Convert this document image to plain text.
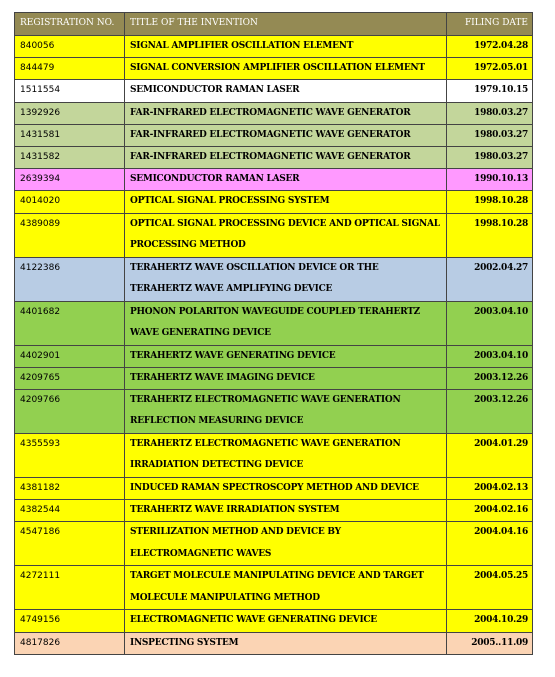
REGISTRATION NO.	TITLE OF THE INVENTION	FILING DATE
840056	SIGNAL AMPLIFIER OSCILLATION ELEMENT	1972.04.28
844479	SIGNAL CONVERSION AMPLIFIER OSCILLATION ELEMENT	1972.05.01
1511554	SEMICONDUCTOR RAMAN LASER	1979.10.15
1392926	FAR-INFRARED ELECTROMAGNETIC WAVE GENERATOR	1980.03.27
1431581	FAR-INFRARED ELECTROMAGNETIC WAVE GENERATOR	1980.03.27
1431582	FAR-INFRARED ELECTROMAGNETIC WAVE GENERATOR	1980.03.27
2639394	SEMICONDUCTOR RAMAN LASER	1990.10.13
4014020	OPTICAL SIGNAL PROCESSING SYSTEM	1998.10.28
4389089	OPTICAL SIGNAL PROCESSING DEVICE AND OPTICAL SIGNAL PROCESSING METHOD	1998.10.28
4122386	TERAHERTZ WAVE OSCILLATION DEVICE OR THE TERAHERTZ WAVE AMPLIFYING DEVICE	2002.04.27
4401682	PHONON POLARITON WAVEGUIDE COUPLED TERAHERTZ WAVE GENERATING DEVICE	2003.04.10
4402901	TERAHERTZ WAVE GENERATING DEVICE	2003.04.10
4209765	TERAHERTZ WAVE IMAGING DEVICE	2003.12.26
4209766	TERAHERTZ ELECTROMAGNETIC WAVE GENERATION REFLECTION MEASURING DEVICE	2003.12.26
4355593	TERAHERTZ ELECTROMAGNETIC WAVE GENERATION IRRADIATION DETECTING DEVICE	2004.01.29
4381182	INDUCED RAMAN SPECTROSCOPY METHOD AND DEVICE	2004.02.13
4382544	TERAHERTZ WAVE IRRADIATION SYSTEM	2004.02.16
4547186	STERILIZATION METHOD AND DEVICE BY ELECTROMAGNETIC WAVES	2004.04.16
4272111	TARGET MOLECULE MANIPULATING DEVICE AND TARGET MOLECULE MANIPULATING METHOD	2004.05.25
4749156	ELECTROMAGNETIC WAVE GENERATING DEVICE	2004.10.29
4817826	INSPECTING SYSTEM	2005..11.09
